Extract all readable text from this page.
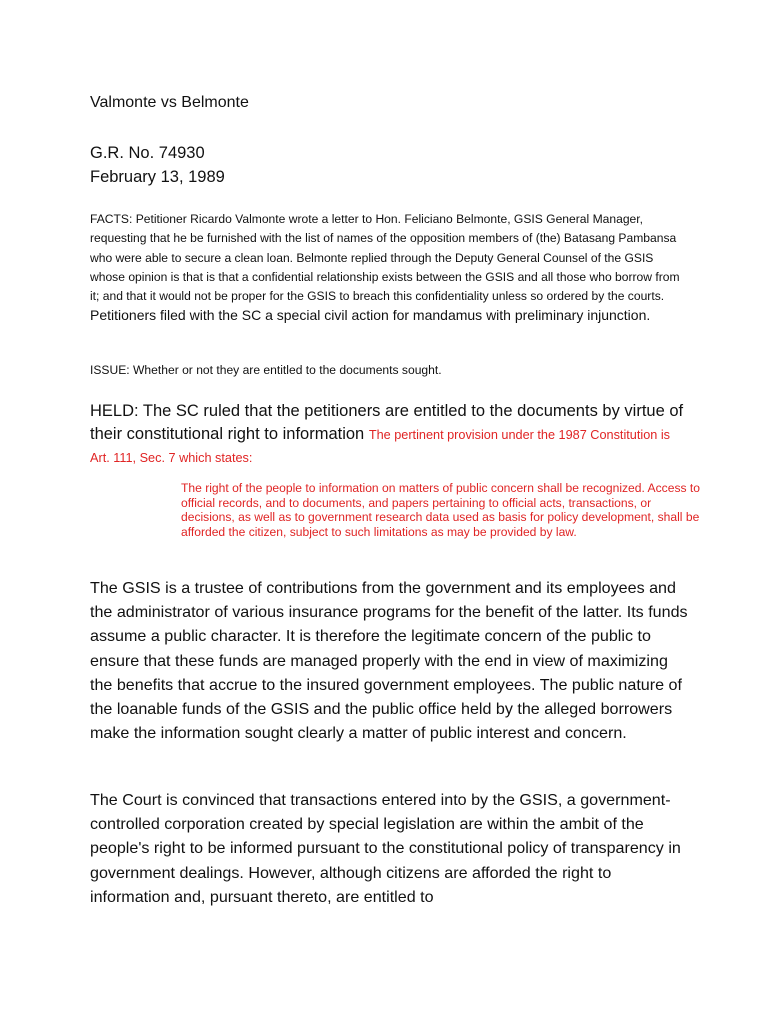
Valmonte vs Belmonte
G.R. No. 74930
February 13, 1989
FACTS: Petitioner Ricardo Valmonte wrote a letter to Hon. Feliciano Belmonte, GSIS General Manager, requesting that he be furnished with the list of names of the opposition members of (the) Batasang Pambansa who were able to secure a clean loan. Belmonte replied through the Deputy General Counsel of the GSIS whose opinion is that is that a confidential relationship exists between the GSIS and all those who borrow from it; and that it would not be proper for the GSIS to breach this confidentiality unless so ordered by the courts. Petitioners filed with the SC a special civil action for mandamus with preliminary injunction.
ISSUE: Whether or not they are entitled to the documents sought.
HELD: The SC ruled that the petitioners are entitled to the documents by virtue of their constitutional right to information The pertinent provision under the 1987 Constitution is Art. 111, Sec. 7 which states:
The right of the people to information on matters of public concern shall be recognized. Access to official records, and to documents, and papers pertaining to official acts, transactions, or decisions, as well as to government research data used as basis for policy development, shall be afforded the citizen, subject to such limitations as may be provided by law.
The GSIS is a trustee of contributions from the government and its employees and the administrator of various insurance programs for the benefit of the latter. Its funds assume a public character. It is therefore the legitimate concern of the public to ensure that these funds are managed properly with the end in view of maximizing the benefits that accrue to the insured government employees. The public nature of the loanable funds of the GSIS and the public office held by the alleged borrowers make the information sought clearly a matter of public interest and concern.
The Court is convinced that transactions entered into by the GSIS, a government-controlled corporation created by special legislation are within the ambit of the people's right to be informed pursuant to the constitutional policy of transparency in government dealings. However, although citizens are afforded the right to information and, pursuant thereto, are entitled to
